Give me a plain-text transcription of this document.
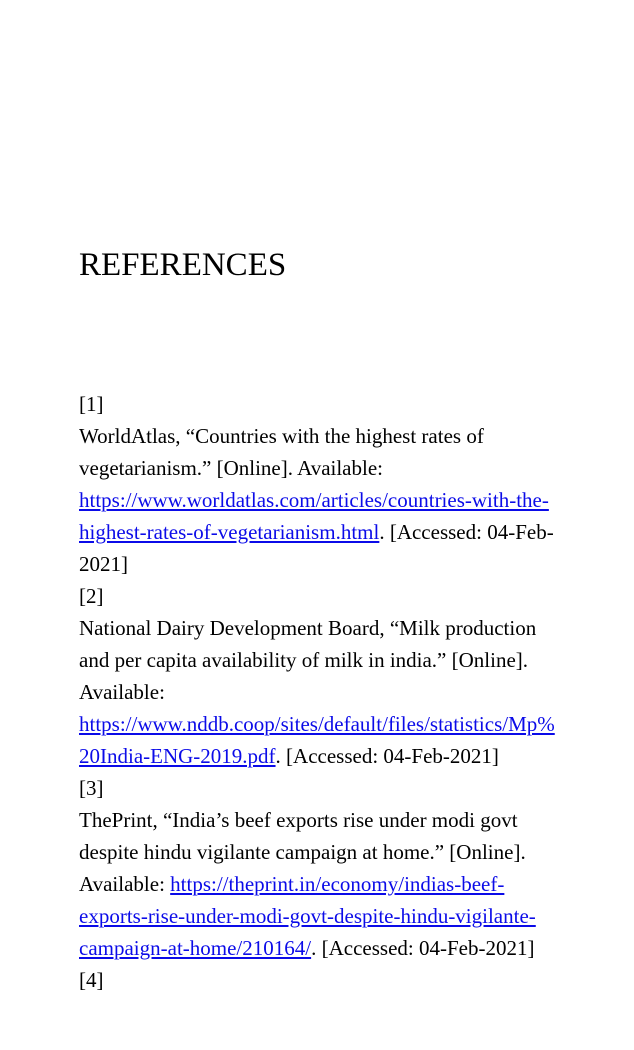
REFERENCES
[1]
WorldAtlas, “Countries with the highest rates of vegetarianism.” [Online]. Available: https://www.worldatlas.com/articles/countries-with-the-highest-rates-of-vegetarianism.html. [Accessed: 04-Feb-2021]
[2]
National Dairy Development Board, “Milk production and per capita availability of milk in india.” [Online]. Available: https://www.nddb.coop/sites/default/files/statistics/Mp%20India-ENG-2019.pdf. [Accessed: 04-Feb-2021]
[3]
ThePrint, “India’s beef exports rise under modi govt despite hindu vigilante campaign at home.” [Online]. Available: https://theprint.in/economy/indias-beef-exports-rise-under-modi-govt-despite-hindu-vigilante-campaign-at-home/210164/. [Accessed: 04-Feb-2021]
[4]
